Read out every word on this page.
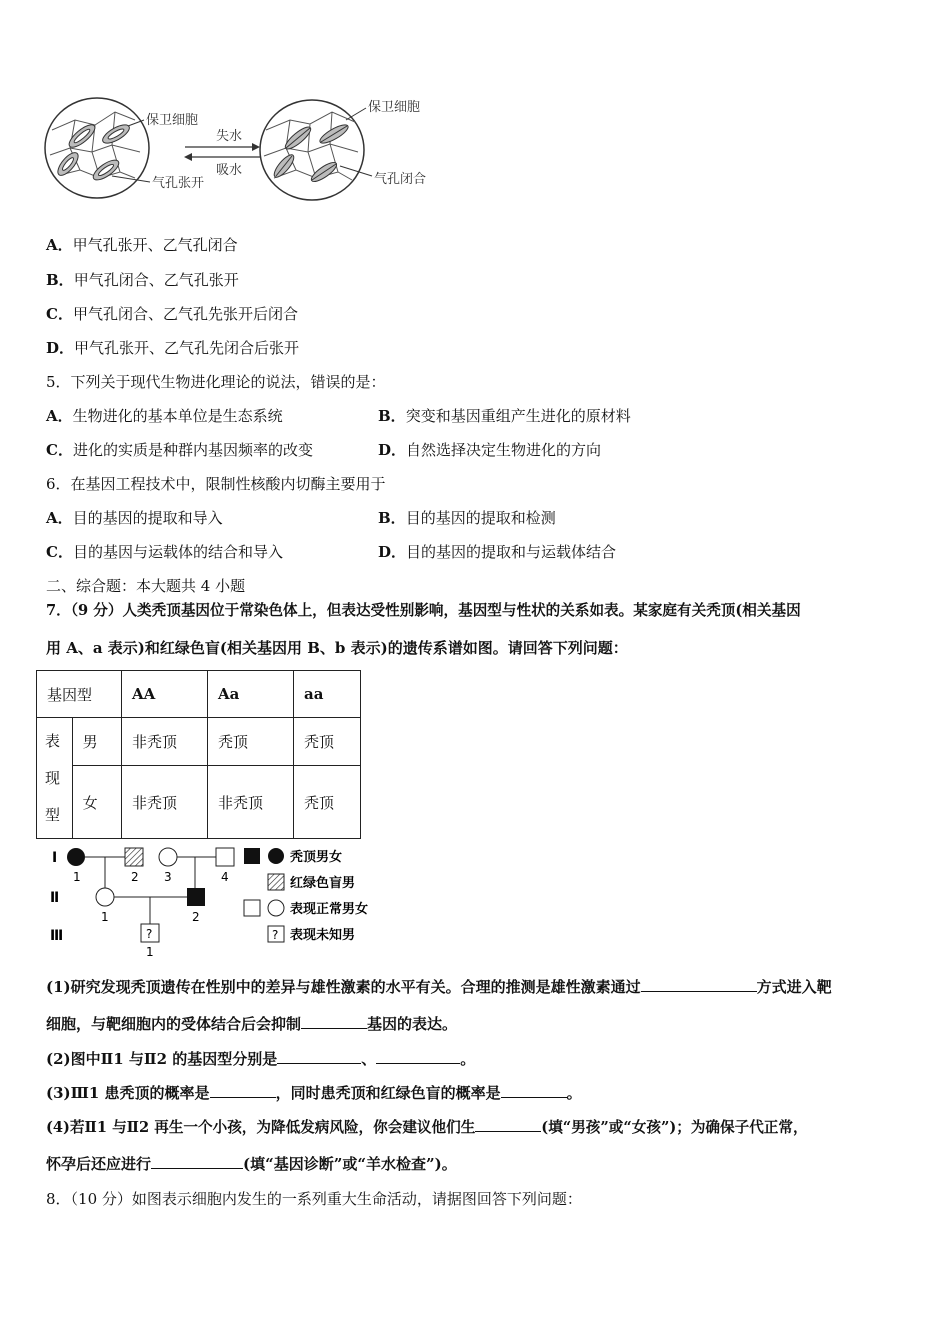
保卫细胞
气孔张开
失水
吸水
保卫细胞
气孔闭合
A．甲气孔张开、乙气孔闭合
B．甲气孔闭合、乙气孔张开
C．甲气孔闭合、乙气孔先张开后闭合
D．甲气孔张开、乙气孔先闭合后张开
5．下列关于现代生物进化理论的说法，错误的是：
A．生物进化的基本单位是生态系统	B．突变和基因重组产生进化的原材料
C．进化的实质是种群内基因频率的改变	D．自然选择决定生物进化的方向
6．在基因工程技术中，限制性核酸内切酶主要用于
A．目的基因的提取和导入	B．目的基因的提取和检测
C．目的基因与运载体的结合和导入	D．目的基因的提取和与运载体结合
二、综合题：本大题共 4 小题
7．（9 分）人类秃顶基因位于常染色体上，但表达受性别影响，基因型与性状的关系如表。某家庭有关秃顶(相关基因
用 A、a 表示)和红绿色盲(相关基因用 B、b 表示)的遗传系谱如图。请回答下列问题：
基因型		AA	Aa	aa

表
现
型	男	非秃顶	秃顶	秃顶
	女	非秃顶	非秃顶	秃顶
Ⅰ
Ⅱ
Ⅲ
1	2 3	4
1	2
?
1
秃顶男女
红绿色盲男
表现正常男女
? 表现未知男
(1)研究发现秃顶遗传在性别中的差异与雄性激素的水平有关。合理的推测是雄性激素通过	方式进入靶
细胞，与靶细胞内的受体结合后会抑制	基因的表达。
(2)图中Ⅱ1 与Ⅱ2 的基因型分别是	、	。
(3)Ⅲ1 患秃顶的概率是	，同时患秃顶和红绿色盲的概率是	。
(4)若Ⅱ1 与Ⅱ2 再生一个小孩，为降低发病风险，你会建议他们生	(填“男孩”或“女孩”)；为确保子代正常，
怀孕后还应进行	(填“基因诊断”或“羊水检查”)。
8．（10 分）如图表示细胞内发生的一系列重大生命活动，请据图回答下列问题：
